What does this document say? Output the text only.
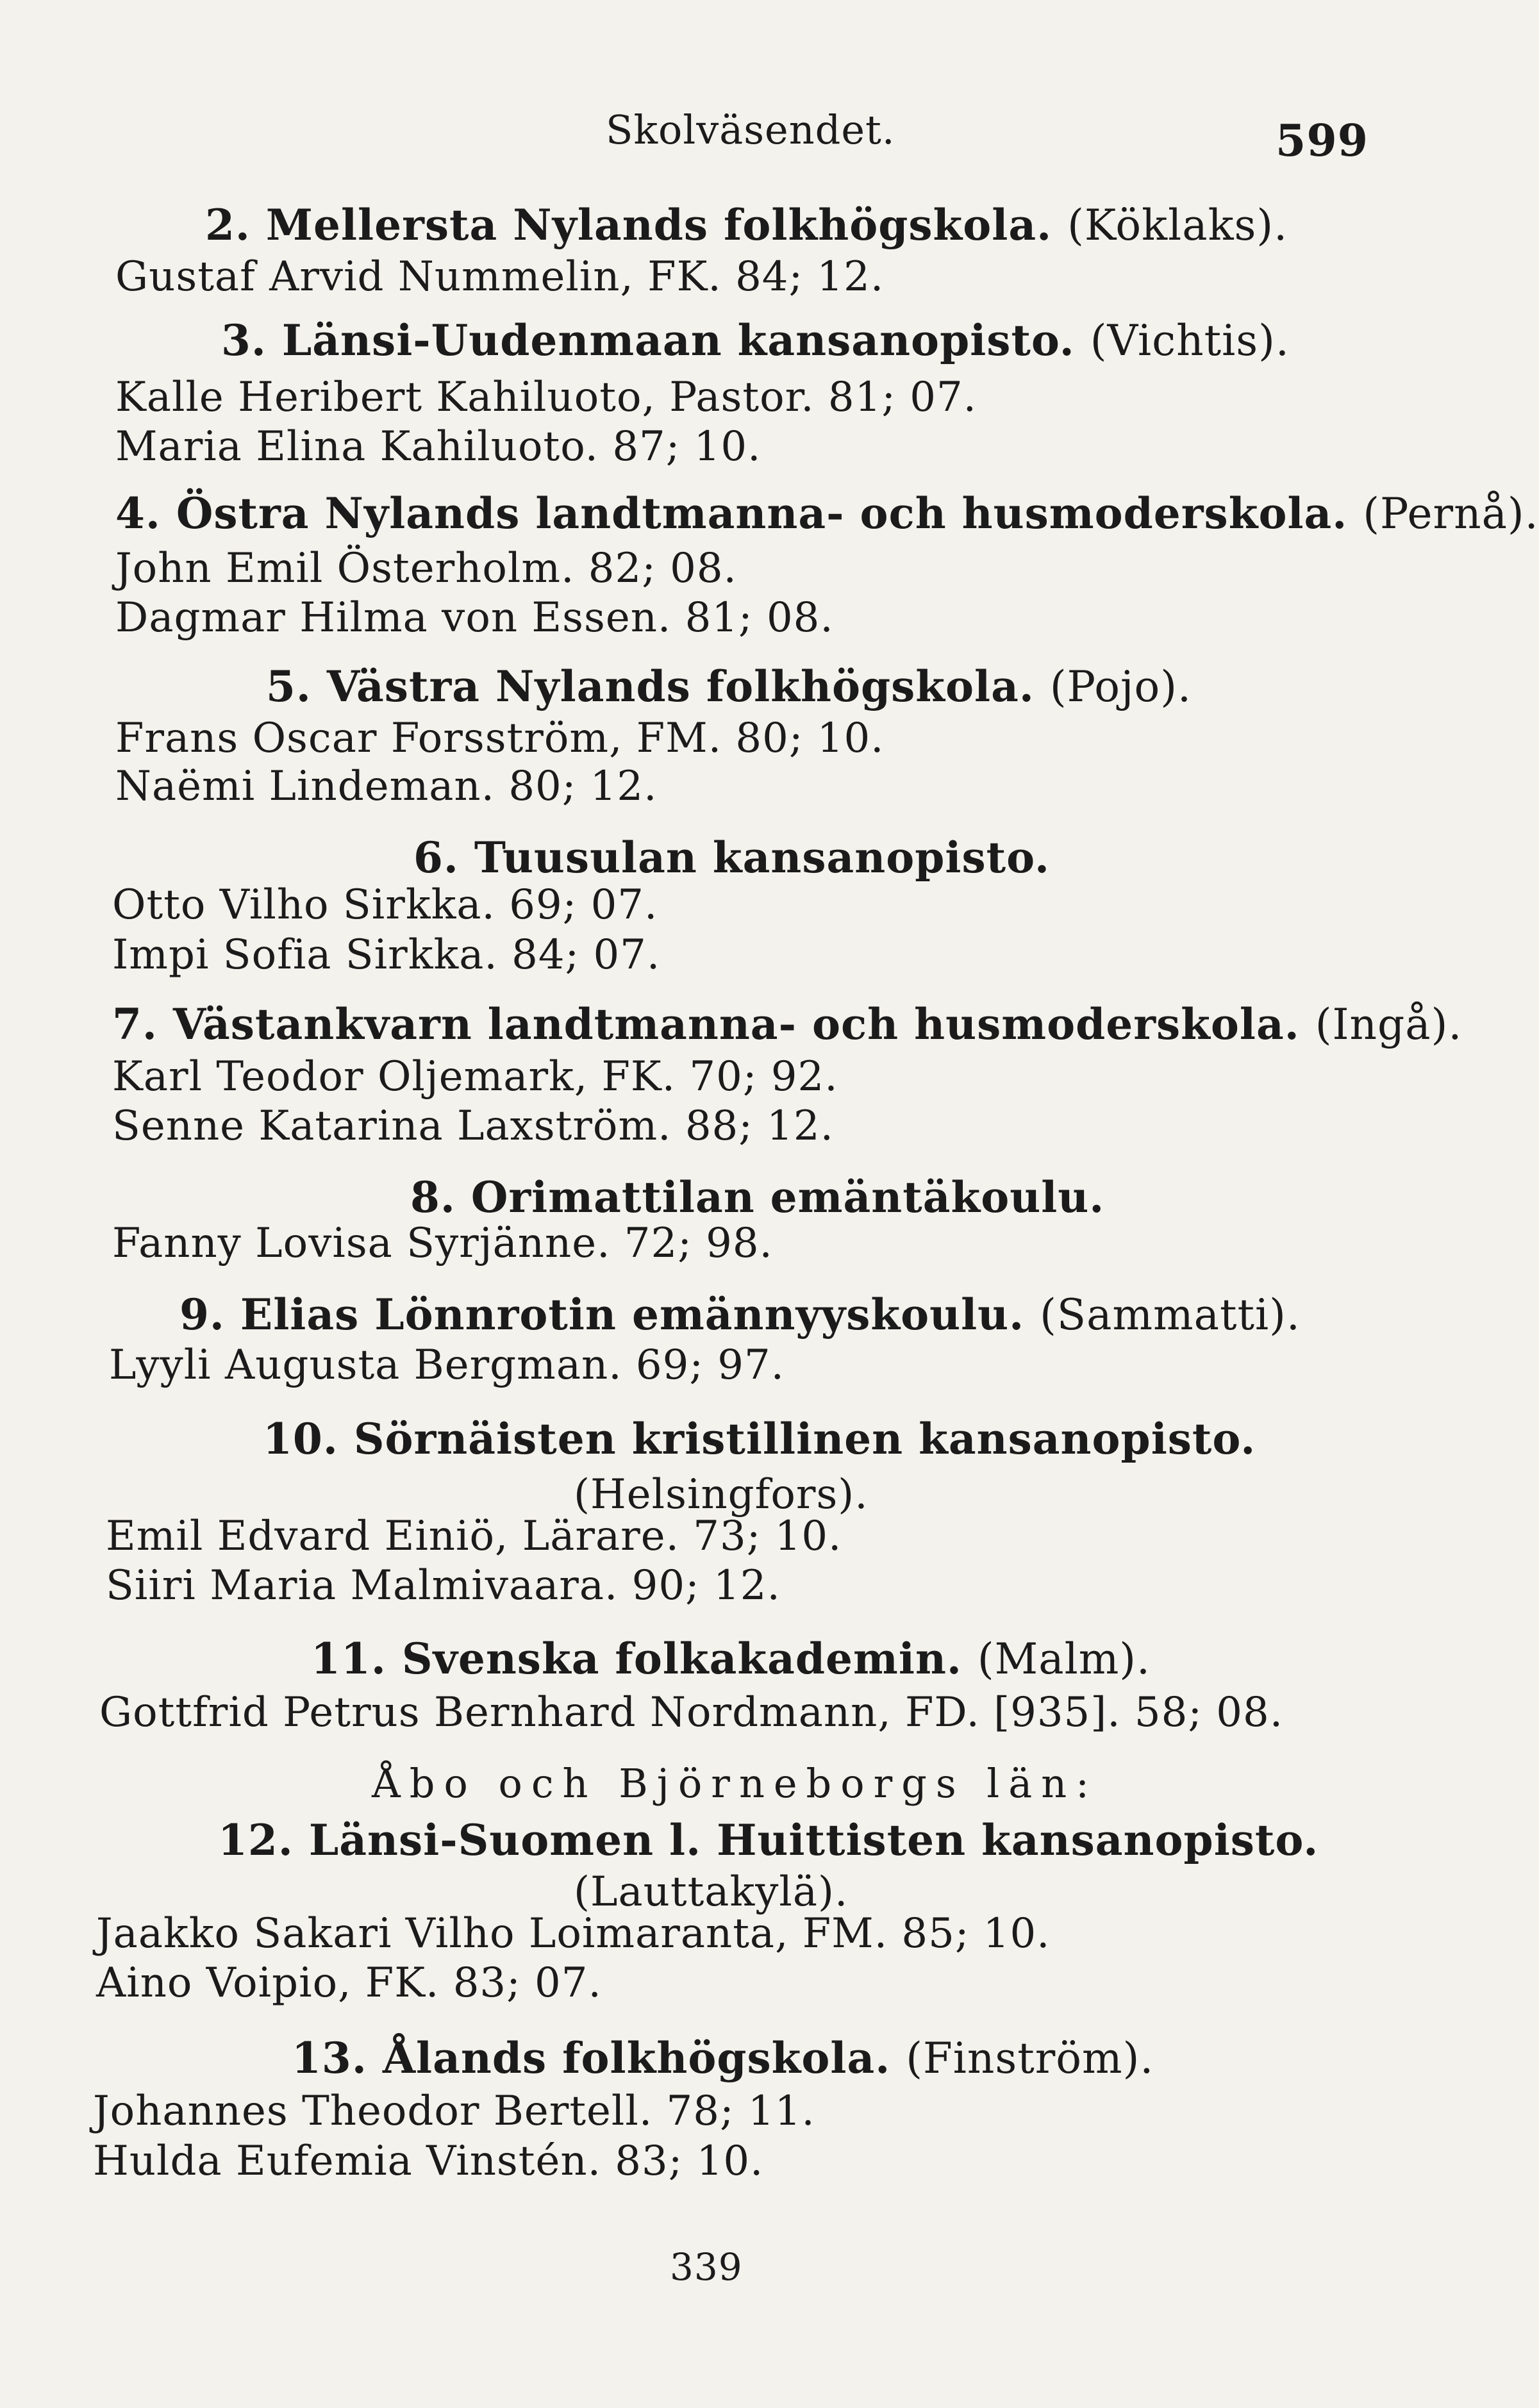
Skolväsendet.	599
2. Mellersta Nylands folkhögskola. (Köklaks).
Gustaf Arvid Nummelin, FK. 84; 12.
3. Länsi-Uudenmaan kansanopisto. (Vichtis).
Kalle Heribert Kahiluoto, Pastor. 81; 07.
Maria Elina Kahiluoto. 87; 10.
4. Östra Nylands landtmanna- och husmoderskola. (Pernå).
John Emil Österholm. 82; 08.
Dagmar Hilma von Essen. 81; 08.
5. Västra Nylands folkhögskola. (Pojo).
Frans Oscar Forsström, FM. 80; 10.
Naëmi Lindeman. 80; 12.
6. Tuusulan kansanopisto.
Otto Vilho Sirkka. 69; 07.
Impi Sofia Sirkka. 84; 07.
7. Västankvarn landtmanna- och husmoderskola. (Ingå).
Karl Teodor Oljemark, FK. 70; 92.
Senne Katarina Laxström. 88; 12.
8. Orimattilan emäntäkoulu.
Fanny Lovisa Syrjänne. 72; 98.
9. Elias Lönnrotin emännyyskoulu. (Sammatti).
Lyyli Augusta Bergman. 69; 97.
10. Sörnäisten kristillinen kansanopisto.
(Helsingfors).
Emil Edvard Einiö, Lärare. 73; 10.
Siiri Maria Malmivaara. 90; 12.
11. Svenska folkakademin. (Malm).
Gottfrid Petrus Bernhard Nordmann, FD. [935]. 58; 08.
Åbo och Björneborgs län:
12. Länsi-Suomen l. Huittisten kansanopisto.
(Lauttakylä).
Jaakko Sakari Vilho Loimaranta, FM. 85; 10.
Aino Voipio, FK. 83; 07.
13. Ålands folkhögskola. (Finström).
Johannes Theodor Bertell. 78; 11.
Hulda Eufemia Vinstén. 83; 10.
339
